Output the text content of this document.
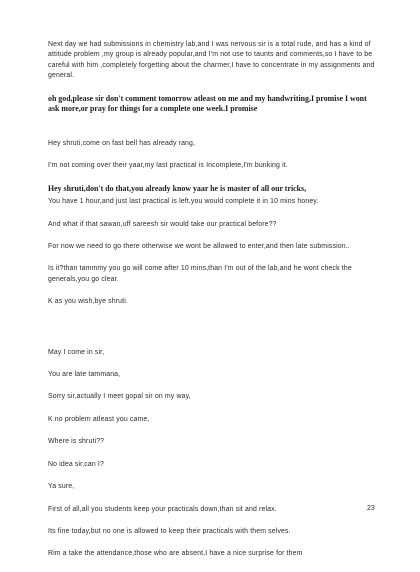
Next day we had submissions in chemistry lab,and I was nervous sir is a total rude, and has a kind of attitude problem ,my group is already popular,and I'm not use to taunts and comments,so I have to be careful with him ,completely forgetting about the charmer,I have to concentrate in my assignments and general.

oh god,please sir don't comment tomorrow atleast on me and my handwriting,I promise I wont ask more,or pray for things for a complete one week.I promise

Hey shruti,come on fast bell has already rang,

I'm not coming over their yaar,my last practical is Incomplete,I'm bunking it.

Hey shruti,don't do that,you already know yaar he is master of all our tricks,

You have 1 hour,and just last practical is left,you would complete it in 10 mins honey.

And what if that sawan,uff sareesh sir would take our practical before??

For now we need to go there otherwise we wont be allowed to enter,and then late submission..

Is it?than tammmy you go will come after 10 mins,than I'm out of the lab,and he wont check the generals,you go clear.

K as you wish,bye shruti.

May I come in sir,

You are late tammana,

Sorry sir,actually I meet gopal sir on my way,

K no problem atleast you came,

Where is shruti??

No idea sir,can I?

Ya sure,

First of all,all you students keep your practicals down,than sit and relax.

Its fine today,but no one is allowed to keep their practicals with them selves.

Rim a take the attendance,those who are absent,I have a nice surprise for them

23
